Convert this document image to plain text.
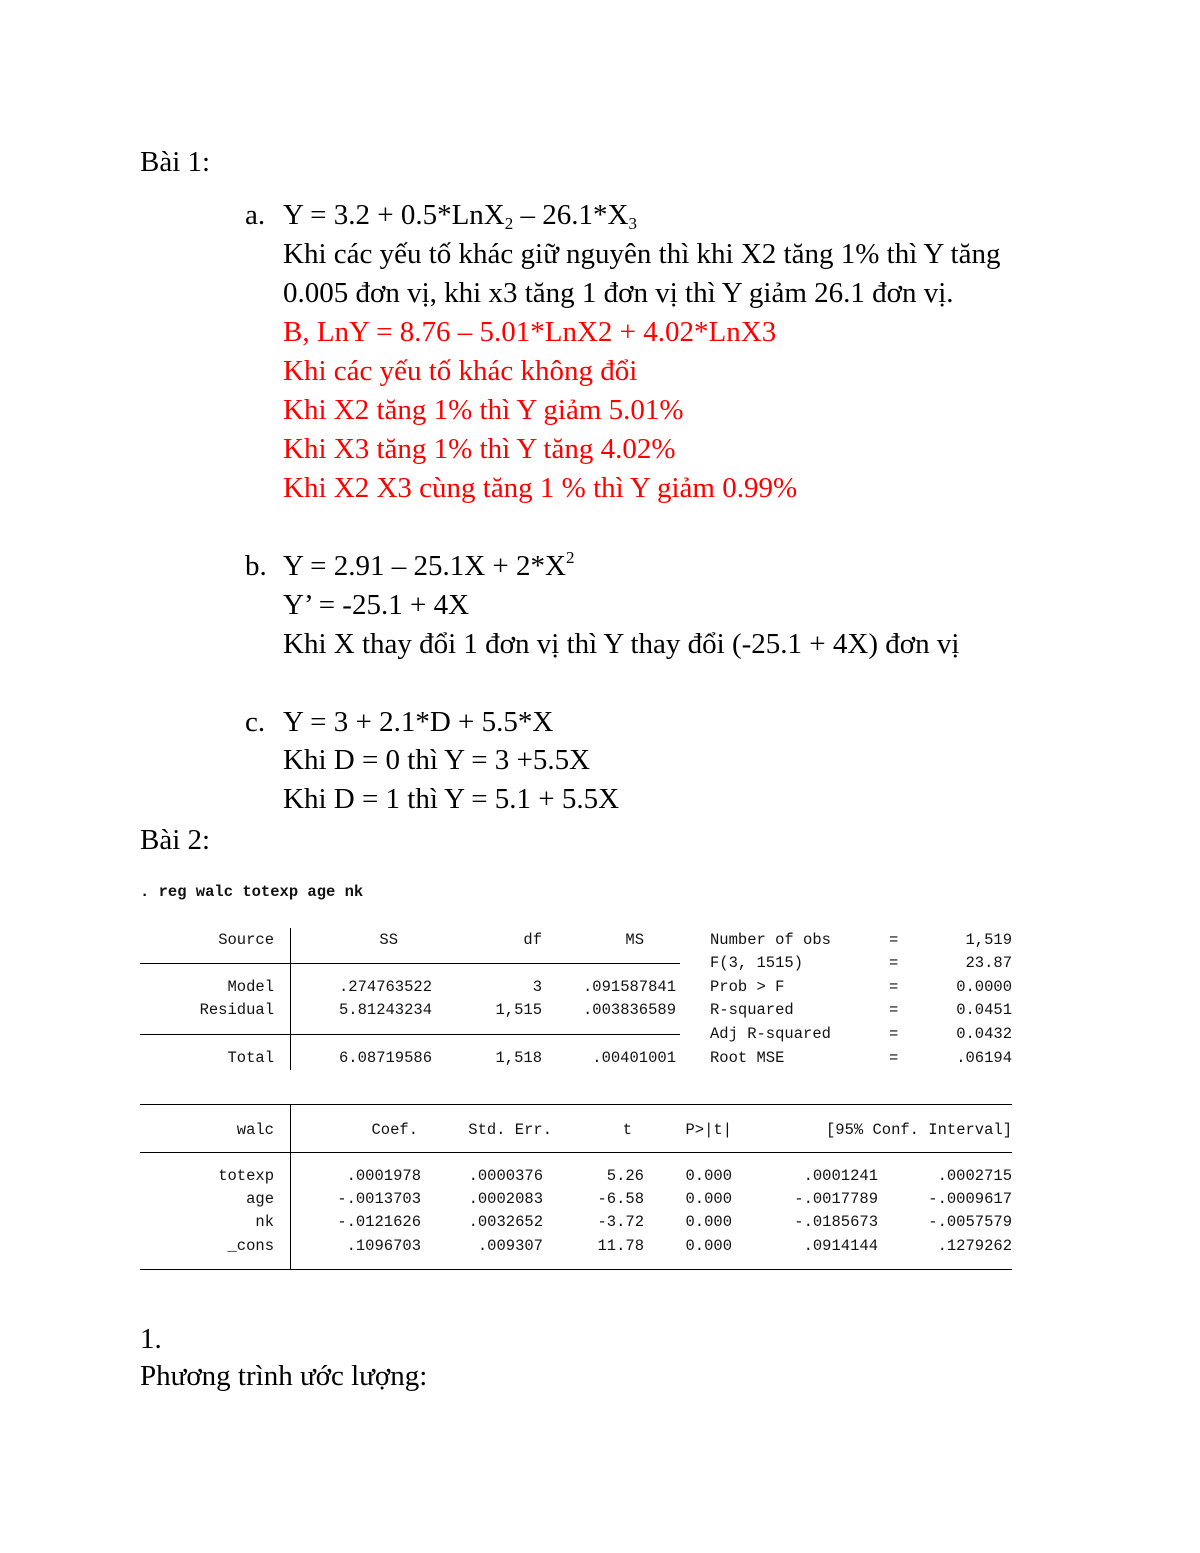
Bài 1:
a. $Y = 3.2 + 0.5*LnX_2 - 26.1*X_3$
Khi các yếu tố khác giữ nguyên thì khi X2 tăng 1% thì Y tăng
0.005 đơn vị, khi x3 tăng 1 đơn vị thì Y giảm 26.1 đơn vị.
B, LnY = 8.76 – 5.01*LnX2 + 4.02*LnX3
Khi các yếu tố khác không đổi
Khi X2 tăng 1% thì Y giảm 5.01%
Khi X3 tăng 1% thì Y tăng 4.02%
Khi X2 X3 cùng tăng 1 % thì Y giảm 0.99%
b. $Y = 2.91 - 25.1X + 2*X^2$
Y’ = -25.1 + 4X
Khi X thay đổi 1 đơn vị thì Y thay đổi (-25.1 + 4X) đơn vị
c. Y = 3 + 2.1*D + 5.5*X
Khi D = 0 thì Y = 3 +5.5X
Khi D = 1 thì Y = 5.1 + 5.5X
Bài 2:
. reg walc totexp age nk
Source	SS	df	MS
Model	.274763522	3	.091587841
Residual	5.81243234	1,515	.003836589
Total	6.08719586	1,518	.00401001
Number of obs	=	1,519
F(3, 1515)	=	23.87
Prob > F	=	0.0000
R-squared	=	0.0451
Adj R-squared	=	0.0432
Root MSE	=	.06194
walc	Coef.	Std. Err.	t	P>|t|	[95% Conf. Interval]
totexp	.0001978	.0000376	5.26	0.000	.0001241	.0002715
age	-.0013703	.0002083	-6.58	0.000	-.0017789	-.0009617
nk	-.0121626	.0032652	-3.72	0.000	-.0185673	-.0057579
_cons	.1096703	.009307	11.78	0.000	.0914144	.1279262
1.
Phương trình ước lượng:
